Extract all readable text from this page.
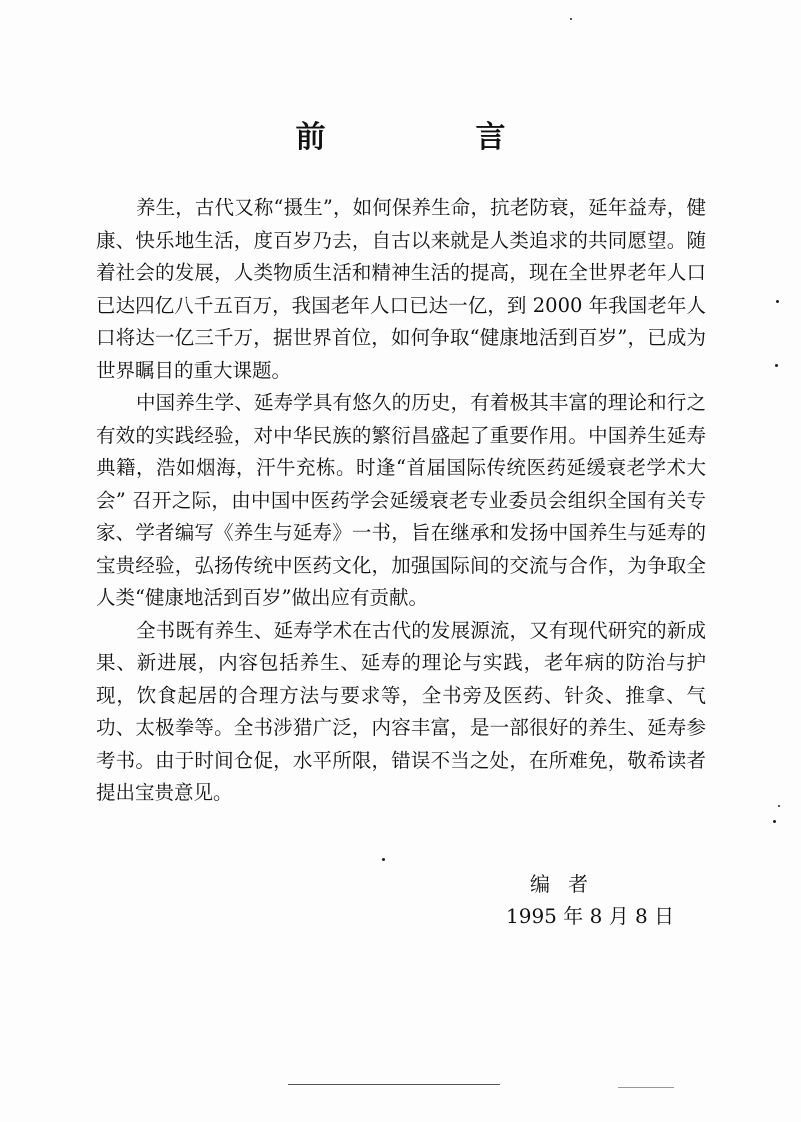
前　言

养生，古代又称“摄生”，如何保养生命，抗老防衰，延年益寿，健康、快乐地生活，度百岁乃去，自古以来就是人类追求的共同愿望。随着社会的发展，人类物质生活和精神生活的提高，现在全世界老年人口已达四亿八千五百万，我国老年人口已达一亿，到 2000 年我国老年人口将达一亿三千万，据世界首位，如何争取“健康地活到百岁”，已成为世界瞩目的重大课题。

中国养生学、延寿学具有悠久的历史，有着极其丰富的理论和行之有效的实践经验，对中华民族的繁衍昌盛起了重要作用。中国养生延寿典籍，浩如烟海，汗牛充栋。时逢“首届国际传统医药延缓衰老学术大会” 召开之际，由中国中医药学会延缓衰老专业委员会组织全国有关专家、学者编写《养生与延寿》一书，旨在继承和发扬中国养生与延寿的宝贵经验，弘扬传统中医药文化，加强国际间的交流与合作，为争取全人类“健康地活到百岁”做出应有贡献。

全书既有养生、延寿学术在古代的发展源流，又有现代研究的新成果、新进展，内容包括养生、延寿的理论与实践，老年病的防治与护现，饮食起居的合理方法与要求等，全书旁及医药、针灸、推拿、气功、太极拳等。全书涉猎广泛，内容丰富，是一部很好的养生、延寿参考书。由于时间仓促，水平所限，错误不当之处，在所难免，敬希读者提出宝贵意见。

编者
1995 年 8 月 8 日
